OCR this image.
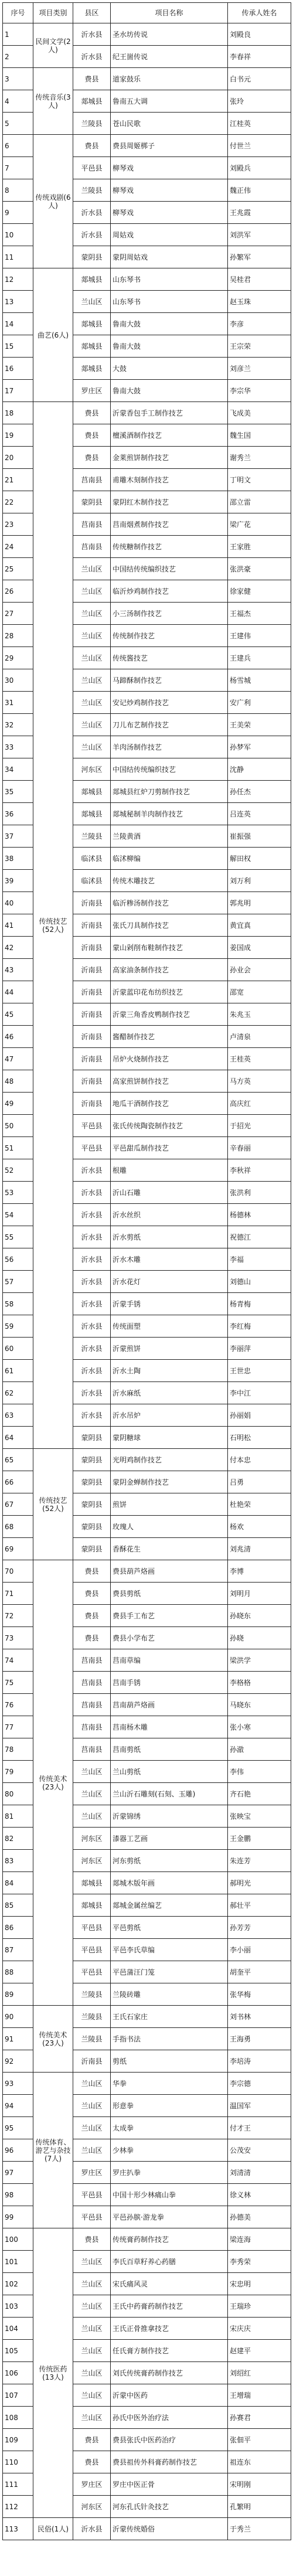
序号	项目类别	县区	项目名称	传承人姓名
1	民间文学(2人)	沂水县	圣水坊传说	刘殿良
2		沂水县	纪王崮传说	李春祥
3	传统音乐(3人)	费县	道家鼓乐	白书元
4		郯城县	鲁南五大调	张玲
5		兰陵县	苍山民歌	江桂英
6	传统戏剧(6人)	费县	费县周姬梆子	付世兰
7		平邑县	柳琴戏	刘殿兵
8		兰陵县	柳琴戏	魏正伟
9		沂水县	柳琴戏	王兆霞
10		沂水县	周姑戏	刘洪军
11		蒙阴县	蒙阴周姑戏	孙繁军
12	曲艺(6人)	郯城县	山东琴书	吴桂君
13		兰山区	山东琴书	赵玉珠
14		郯城县	鲁南大鼓	李彦
15		郯城县	鲁南大鼓	王宗荣
16		郯城县	大鼓	刘彦兰
17		罗庄区	鲁南大鼓	李宗华
18	传统技艺(52人)	费县	沂蒙香包手工制作技艺	飞成美
19		费县	檀溪酒制作技艺	魏生国
20		费县	金莱煎饼制作技艺	谢秀兰
21		莒南县	甫雕木刻制作技艺	丁明文
22		蒙阴县	蒙阴红木制作技艺	邵立雷
23		莒南县	莒南烟煮制作技艺	梁广花
24		莒南县	传统糖制作技艺	王家胜
25		兰山区	中国结传统编织技艺	张洪豪
26		兰山区	临沂炒鸡制作技艺	徐家健
27		兰山区	小三汤制作技艺	王福杰
28		兰山区	传统制作技艺	王建伟
29		兰山区	传统酱技艺	王建兵
30		兰山区	马蹄酥制作技艺	杨雪城
31		兰山区	安记炒鸡制作技艺	安广利
32		兰山区	刀儿布艺制作技艺	王美荣
33		兰山区	羊肉汤制作技艺	孙梦军
34		河东区	中国结传统编织技艺	沈静
35		郯城县	郯城县红炉刀剪制作技艺	孙任杰
36		郯城县	郯城秘制羊肉制作技艺	吕连英
37		兰陵县	兰陵黄酒	崔振强
38		临沭县	临沭柳编	解田权
39		临沭县	传统木雕技艺	刘万利
40		沂南县	临沂糁汤制作技艺	郭兆明
41		沂南县	张氏刀具制作技艺	黄宜真
42		沂南县	蒙山剁削布鞋制作技艺	姜国成
43		沂南县	高家油条制作技艺	孙业会
44		沂南县	沂蒙蓝印花布纺织技艺	邵宽
45		沂南县	沂蒙三角香皮鸭制作技艺	朱兆玉
46		沂南县	酱醋制作技艺	卢清泉
47		沂南县	吊炉火烧制作技艺	王桂英
48		沂南县	高家煎饼制作技艺	马方英
49		沂南县	地瓜干酒制作技艺	高庆红
50		平邑县	张氏传统陶瓷制作技艺	于招光
51		平邑县	平邑甜瓜制作技艺	辛春丽
52		沂水县	根雕	李秋祥
53		沂水县	沂山石雕	张洪利
54		沂水县	沂水丝织	杨德林
55		沂水县	沂水剪纸	祝德江
56		沂水县	沂水木雕	李福
57		沂水县	沂水花灯	刘德山
58		沂水县	沂蒙手锈	杨青梅
59		沂水县	传统面塑	李红梅
60		沂水县	沂蒙煎饼	李丽萍
61		沂水县	沂水土陶	王世忠
62		沂水县	沂水麻纸	李中江
63		沂水县	沂水吊炉	孙丽娟
64		蒙阴县	蒙阴糖球	石明松
65	传统技艺(52人)	蒙阴县	光明鸡制作技艺	付本忠
66		蒙阴县	蒙阴金蝉制作技艺	吕勇
67		蒙阴县	煎饼	杜艳荣
68		蒙阴县	玫瑰人	杨欢
69		蒙阴县	香酥花生	刘兆清
70	传统美术(23人)	费县	费县葫芦烙画	李博
71		费县	费县剪纸	刘明月
72		费县	费县手工布艺	孙晓东
73		费县	费县小学布艺	孙晓
74		莒南县	莒南草编	梁洪学
75		莒南县	莒南手锈	李格格
76		莒南县	莒南葫芦烙画	马晓东
77		莒南县	莒南杨木雕	张小寒
78		莒南县	莒南剪纸	孙澈
79		兰山区	兰山剪纸	李伟
80		兰山区	兰山沂石雕刻(石刻、玉雕)	齐石艳
81		兰山区	沂蒙锦绣	张映宝
82		河东区	漆器工艺画	王金鹏
83		河东区	河东剪纸	朱连芳
84		郯城县	郯城木版年画	郝明光
85		郯城县	郯城金属丝编艺	郝壮平
86		平邑县	平邑剪纸	孙芳芳
87		平邑县	平邑李氏草编	李小丽
88		平邑县	平邑蒲汪门笼	胡奎平
89		兰陵县	兰陵砖雕	张华梅
90	传统美术(23人)	兰陵县	王氏石家庄	刘书林
91		兰陵县	手指书法	王海勇
92		沂南县	剪纸	李培涛
93	传统体育、游艺与杂技(7人)	兰山区	华拳	李宗德
94		兰山区	形意拳	温国军
95		兰山区	太成拳	付才王
96		兰山区	少林拳	公茂安
97		罗庄区	罗庄扒拳	刘清清
98		平邑县	中国十形少林痛山拳	徐义林
99		平邑县	平邑孙膑·游龙拳	孙德美
100	传统医药(13人)	费县	传统膏药制作技艺	梁连海
101		兰山区	李氏百草籽养心药膳	李秀荣
102		兰山区	宋氏痛风灵	宋忠明
103		兰山区	王氏中药膏药制作技艺	王瑞珍
104		兰山区	王氏正骨推拿技艺	宋庆庆
105		兰山区	任氏膏方制作技艺	赵建平
106		兰山区	刘氏传统膏药制作技艺	刘绍红
107		兰山区	沂蒙中医药	王增瑞
108		兰山区	孙氏中医外治疗法	孙赛君
109		费县	费县张氏中医药治疗	张佃平
110		费县	费县祖传外科膏药制作技艺	祖连东
111		罗庄区	罗庄中医正骨	宋明刚
112		河东区	河东孔氏针灸技艺	孔繁明
113	民俗(1人)	沂水县	沂蒙传统婚俗	于秀兰
